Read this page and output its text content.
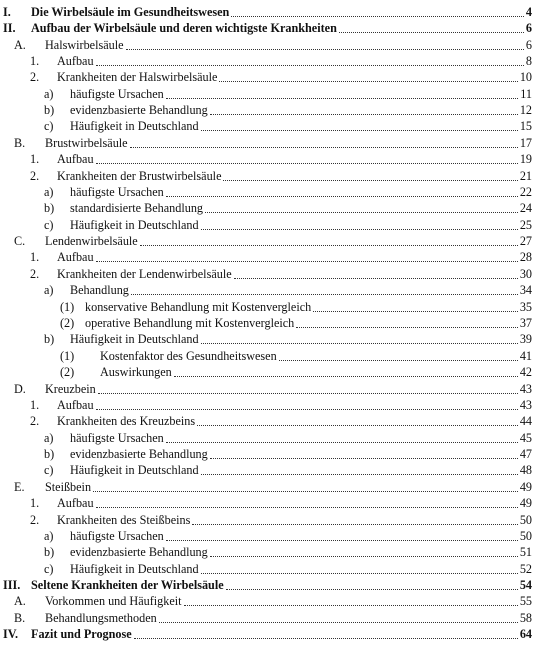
I. Die Wirbelsäule im Gesundheitswesen	4
II. Aufbau der Wirbelsäule und deren wichtigste Krankheiten	6
A. Halswirbelsäule	6
1. Aufbau	8
2. Krankheiten der Halswirbelsäule	10
a) häufigste Ursachen	11
b) evidenzbasierte Behandlung	12
c) Häufigkeit in Deutschland	15
B. Brustwirbelsäule	17
1. Aufbau	19
2. Krankheiten der Brustwirbelsäule	21
a) häufigste Ursachen	22
b) standardisierte Behandlung	24
c) Häufigkeit in Deutschland	25
C. Lendenwirbelsäule	27
1. Aufbau	28
2. Krankheiten der Lendenwirbelsäule	30
a) Behandlung	34
(1) konservative Behandlung mit Kostenvergleich	35
(2) operative Behandlung mit Kostenvergleich	37
b) Häufigkeit in Deutschland	39
(1) Kostenfaktor des Gesundheitswesen	41
(2) Auswirkungen	42
D. Kreuzbein	43
1. Aufbau	43
2. Krankheiten des Kreuzbeins	44
a) häufigste Ursachen	45
b) evidenzbasierte Behandlung	47
c) Häufigkeit in Deutschland	48
E. Steißbein	49
1. Aufbau	49
2. Krankheiten des Steißbeins	50
a) häufigste Ursachen	50
b) evidenzbasierte Behandlung	51
c) Häufigkeit in Deutschland	52
III. Seltene Krankheiten der Wirbelsäule	54
A. Vorkommen und Häufigkeit	55
B. Behandlungsmethoden	58
IV. Fazit und Prognose	64
